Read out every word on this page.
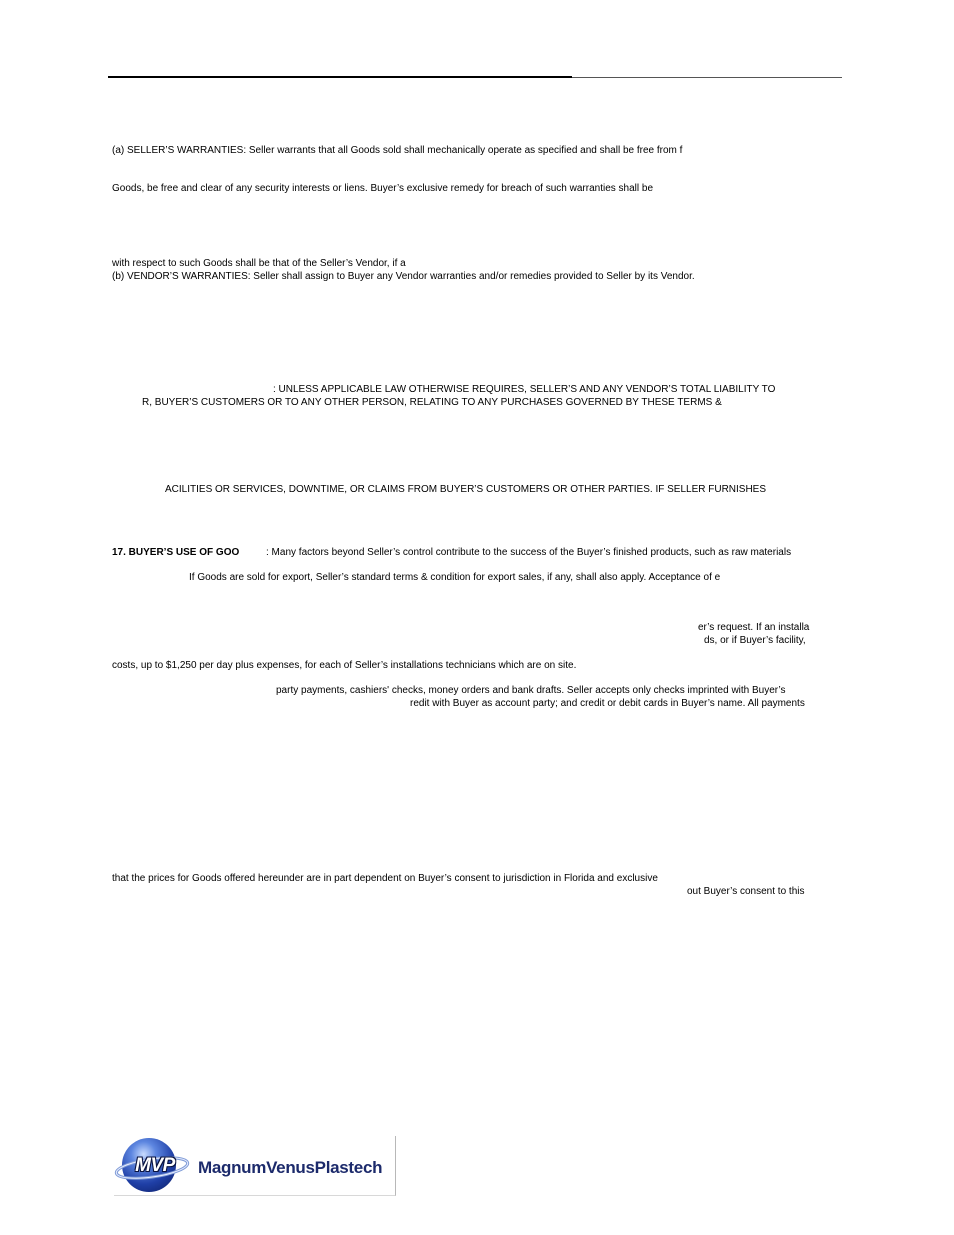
(a) SELLER’S WARRANTIES: Seller warrants that all Goods sold shall mechanically operate as specified and shall be free from f
Goods, be free and clear of any security interests or liens. Buyer’s exclusive remedy for breach of such warranties shall be
with respect to such Goods shall be that of the Seller’s Vendor, if a
(b) VENDOR’S WARRANTIES: Seller shall assign to Buyer any Vendor warranties and/or remedies provided to Seller by its Vendor.
: UNLESS APPLICABLE LAW OTHERWISE REQUIRES, SELLER’S AND ANY VENDOR’S TOTAL LIABILITY TO
R, BUYER’S CUSTOMERS OR TO ANY OTHER PERSON, RELATING TO ANY PURCHASES GOVERNED BY THESE TERMS &
ACILITIES OR SERVICES, DOWNTIME, OR CLAIMS FROM BUYER’S CUSTOMERS OR OTHER PARTIES. IF SELLER FURNISHES
17. BUYER’S USE OF GOO	: Many factors beyond Seller’s control contribute to the success of the Buyer’s finished products, such as raw materials
If Goods are sold for export, Seller’s standard terms & condition for export sales, if any, shall also apply. Acceptance of e
er’s request. If an installa
ds, or if Buyer’s facility,
costs, up to $1,250 per day plus expenses, for each of Seller’s installations technicians which are on site.
party payments, cashiers' checks, money orders and bank drafts. Seller accepts only checks imprinted with Buyer’s
redit with Buyer as account party; and credit or debit cards in Buyer’s name. All payments
that the prices for Goods offered hereunder are in part dependent on Buyer’s consent to jurisdiction in Florida and exclusive
out Buyer’s consent to this
MVP	MagnumVenusPlastech
